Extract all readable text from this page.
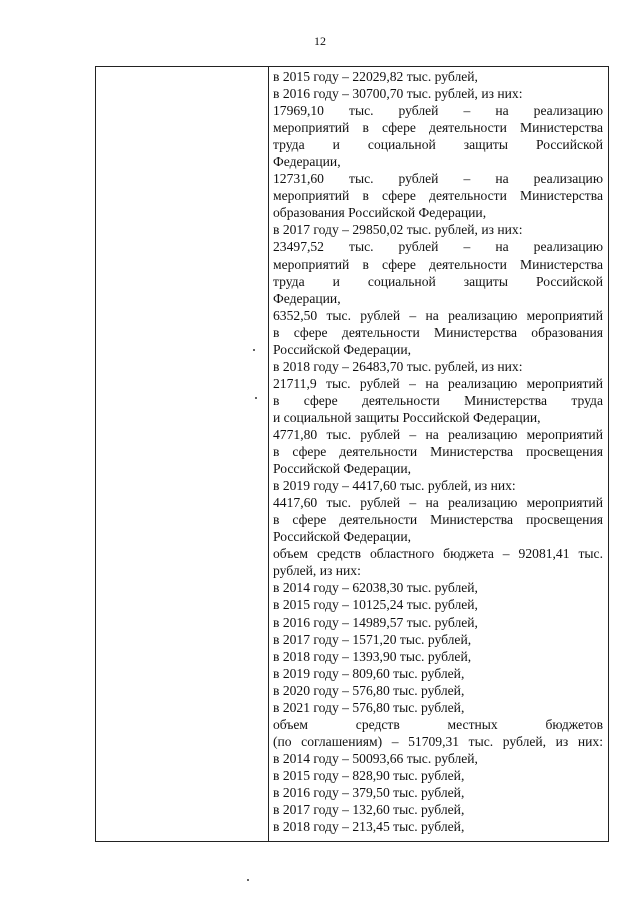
12
в 2015 году – 22029,82 тыс. рублей,
в 2016 году – 30700,70 тыс. рублей, из них:
17969,10 тыс. рублей – на реализацию
мероприятий в сфере деятельности Министерства
труда и социальной защиты Российской
Федерации,
12731,60 тыс. рублей – на реализацию
мероприятий в сфере деятельности Министерства
образования Российской Федерации,
в 2017 году – 29850,02 тыс. рублей, из них:
23497,52 тыс. рублей – на реализацию
мероприятий в сфере деятельности Министерства
труда и социальной защиты Российской
Федерации,
6352,50 тыс. рублей – на реализацию мероприятий
в сфере деятельности Министерства образования
Российской Федерации,
в 2018 году – 26483,70 тыс. рублей, из них:
21711,9 тыс. рублей – на реализацию мероприятий
в сфере деятельности Министерства труда
и социальной защиты Российской Федерации,
4771,80 тыс. рублей – на реализацию мероприятий
в сфере деятельности Министерства просвещения
Российской Федерации,
в 2019 году – 4417,60 тыс. рублей, из них:
4417,60 тыс. рублей – на реализацию мероприятий
в сфере деятельности Министерства просвещения
Российской Федерации,
объем средств областного бюджета – 92081,41 тыс.
рублей, из них:
в 2014 году – 62038,30 тыс. рублей,
в 2015 году – 10125,24 тыс. рублей,
в 2016 году – 14989,57 тыс. рублей,
в 2017 году – 1571,20 тыс. рублей,
в 2018 году – 1393,90 тыс. рублей,
в 2019 году – 809,60 тыс. рублей,
в 2020 году – 576,80 тыс. рублей,
в 2021 году – 576,80 тыс. рублей,
объем средств местных бюджетов
(по соглашениям) – 51709,31 тыс. рублей, из них:
в 2014 году – 50093,66 тыс. рублей,
в 2015 году – 828,90 тыс. рублей,
в 2016 году – 379,50 тыс. рублей,
в 2017 году – 132,60 тыс. рублей,
в 2018 году – 213,45 тыс. рублей,
